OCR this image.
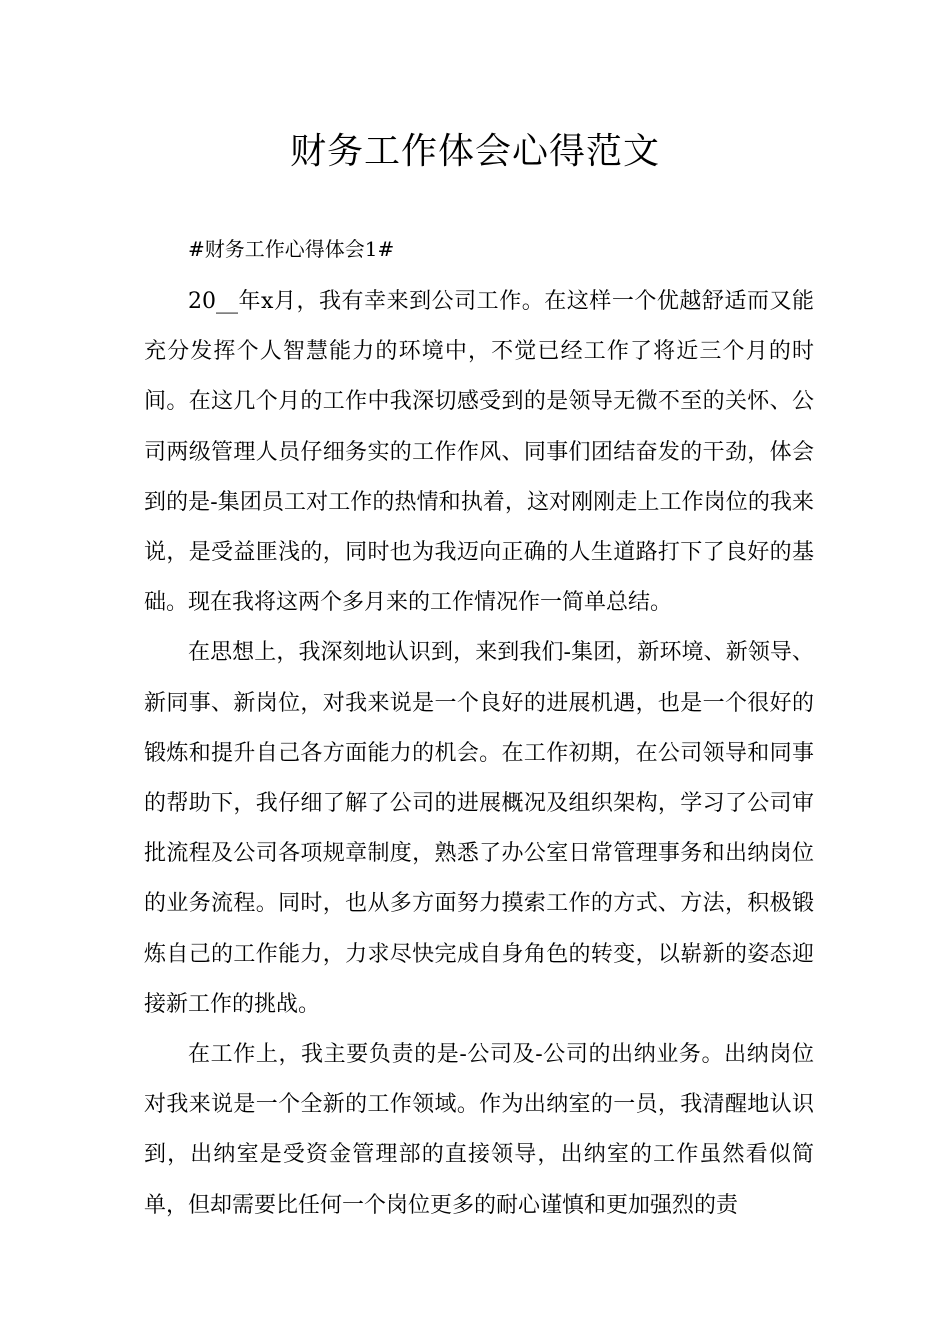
财务工作体会心得范文

#财务工作心得体会1#

20__年x月，我有幸来到公司工作。在这样一个优越舒适而又能充分发挥个人智慧能力的环境中，不觉已经工作了将近三个月的时间。在这几个月的工作中我深切感受到的是领导无微不至的关怀、公司两级管理人员仔细务实的工作作风、同事们团结奋发的干劲，体会到的是-集团员工对工作的热情和执着，这对刚刚走上工作岗位的我来说，是受益匪浅的，同时也为我迈向正确的人生道路打下了良好的基础。现在我将这两个多月来的工作情况作一简单总结。

在思想上，我深刻地认识到，来到我们-集团，新环境、新领导、新同事、新岗位，对我来说是一个良好的进展机遇，也是一个很好的锻炼和提升自己各方面能力的机会。在工作初期，在公司领导和同事的帮助下，我仔细了解了公司的进展概况及组织架构，学习了公司审批流程及公司各项规章制度，熟悉了办公室日常管理事务和出纳岗位的业务流程。同时，也从多方面努力摸索工作的方式、方法，积极锻炼自己的工作能力，力求尽快完成自身角色的转变，以崭新的姿态迎接新工作的挑战。

在工作上，我主要负责的是-公司及-公司的出纳业务。出纳岗位对我来说是一个全新的工作领域。作为出纳室的一员，我清醒地认识到，出纳室是受资金管理部的直接领导，出纳室的工作虽然看似简单，但却需要比任何一个岗位更多的耐心谨慎和更加强烈的责
